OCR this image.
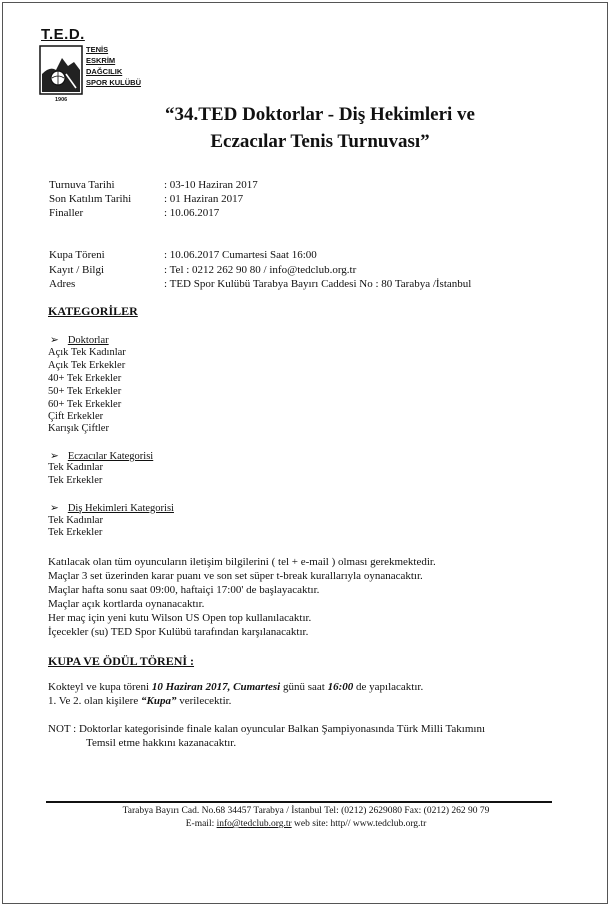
T.E.D.
TENİS
ESKRİM
DAĞCILIK
SPOR KULÜBÜ
1906
“34.TED Doktorlar - Diş Hekimleri ve
Eczacılar Tenis Turnuvası”
Turnuva Tarihi	: 03-10 Haziran 2017
Son Katılım Tarihi	: 01 Haziran 2017
Finaller	: 10.06.2017
Kupa Töreni	: 10.06.2017 Cumartesi Saat 16:00
Kayıt / Bilgi	: Tel : 0212 262 90 80 / info@tedclub.org.tr
Adres	: TED Spor Kulübü Tarabya Bayırı Caddesi No : 80 Tarabya /İstanbul
KATEGORİLER
➢ Doktorlar
Açık Tek Kadınlar
Açık Tek Erkekler
40+ Tek Erkekler
50+ Tek Erkekler
60+ Tek Erkekler
Çift Erkekler
Karışık Çiftler
➢ Eczacılar Kategorisi
Tek Kadınlar
Tek Erkekler
➢ Diş Hekimleri Kategorisi
Tek Kadınlar
Tek Erkekler
Katılacak olan tüm oyuncuların iletişim bilgilerini ( tel + e-mail ) olması gerekmektedir.
Maçlar 3 set üzerinden karar puanı ve son set süper t-break kurallarıyla oynanacaktır.
Maçlar hafta sonu saat 09:00, haftaiçi 17:00' de başlayacaktır.
Maçlar açık kortlarda oynanacaktır.
Her maç için yeni kutu Wilson US Open top kullanılacaktır.
İçecekler (su) TED Spor Kulübü tarafından karşılanacaktır.
KUPA VE ÖDÜL TÖRENİ :
Kokteyl ve kupa töreni 10 Haziran 2017, Cumartesi günü saat 16:00 de yapılacaktır.
1. Ve 2. olan kişilere “Kupa” verilecektir.
NOT : Doktorlar kategorisinde finale kalan oyuncular Balkan Şampiyonasında Türk Milli Takımını
Temsil etme hakkını kazanacaktır.
Tarabya Bayırı Cad. No.68 34457 Tarabya / İstanbul Tel: (0212) 2629080 Fax: (0212) 262 90 79
E-mail: info@tedclub.org.tr web site: http// www.tedclub.org.tr
